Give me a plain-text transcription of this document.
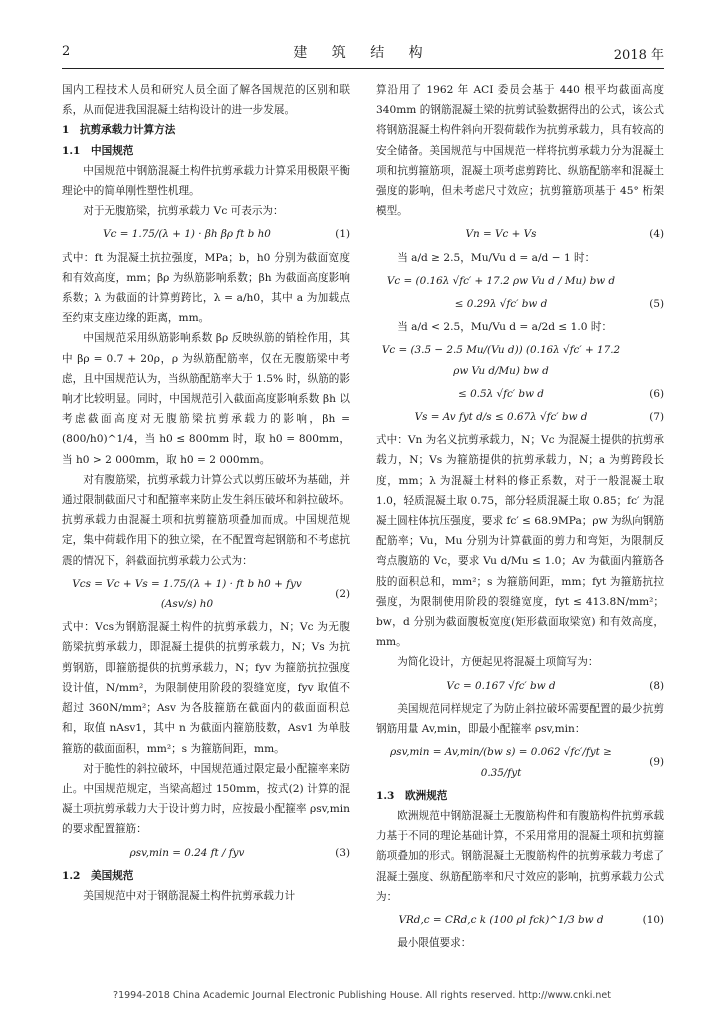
2	建 筑 结 构	2018 年

国内工程技术人员和研究人员全面了解各国规范的区别和联系，从而促进我国混凝土结构设计的进一步发展。

1　抗剪承载力计算方法

1.1　中国规范

中国规范中钢筋混凝土构件抗剪承载力计算采用极限平衡理论中的简单刚性塑性机理。

对于无腹筋梁，抗剪承载力 Vc 可表示为：

Vc = 1.75/(λ + 1) · βh βρ ft b h0	(1)

式中：ft 为混凝土抗拉强度，MPa；b，h0 分别为截面宽度和有效高度，mm；βρ 为纵筋影响系数；βh 为截面高度影响系数；λ 为截面的计算剪跨比，λ = a/h0，其中 a 为加载点至约束支座边缘的距离，mm。

中国规范采用纵筋影响系数 βρ 反映纵筋的销栓作用，其中 βρ = 0.7 + 20ρ，ρ 为纵筋配筋率，仅在无腹筋梁中考虑，且中国规范认为，当纵筋配筋率大于 1.5% 时，纵筋的影响才比较明显。同时，中国规范引入截面高度影响系数 βh 以考虑截面高度对无腹筋梁抗剪承载力的影响，βh = (800/h0)^1/4，当 h0 ≤ 800mm 时，取 h0 = 800mm，当 h0 > 2 000mm，取 h0 = 2 000mm。

对有腹筋梁，抗剪承载力计算公式以剪压破坏为基础，并通过限制截面尺寸和配箍率来防止发生斜压破坏和斜拉破坏。抗剪承载力由混凝土项和抗剪箍筋项叠加而成。中国规范规定，集中荷载作用下的独立梁，在不配置弯起钢筋和不考虑抗震的情况下，斜截面抗剪承载力公式为：

Vcs = Vc + Vs = 1.75/(λ + 1) · ft b h0 + fyv (Asv/s) h0
(2)

式中：Vcs为钢筋混凝土构件的抗剪承载力，N；Vc 为无腹筋梁抗剪承载力，即混凝土提供的抗剪承载力，N；Vs 为抗剪钢筋，即箍筋提供的抗剪承载力，N；fyv 为箍筋抗拉强度设计值，N/mm²，为限制使用阶段的裂缝宽度，fyv 取值不超过 360N/mm²；Asv 为各肢箍筋在截面内的截面面积总和，取值 nAsv1，其中 n 为截面内箍筋肢数，Asv1 为单肢箍筋的截面面积，mm²；s 为箍筋间距，mm。

对于脆性的斜拉破坏，中国规范通过限定最小配箍率来防止。中国规范规定，当梁高超过 150mm，按式(2) 计算的混凝土项抗剪承载力大于设计剪力时，应按最小配箍率 ρsv,min 的要求配置箍筋：

ρsv,min = 0.24 ft / fyv	(3)

1.2　美国规范

美国规范中对于钢筋混凝土构件抗剪承载力计

算沿用了 1962 年 ACI 委员会基于 440 根平均截面高度 340mm 的钢筋混凝土梁的抗剪试验数据得出的公式，该公式将钢筋混凝土构件斜向开裂荷载作为抗剪承载力，具有较高的安全储备。美国规范与中国规范一样将抗剪承载力分为混凝土项和抗剪箍筋项，混凝土项考虑剪跨比、纵筋配筋率和混凝土强度的影响，但未考虑尺寸效应；抗剪箍筋项基于 45° 桁架模型。

Vn = Vc + Vs	(4)

当 a/d ≥ 2.5，Mu/Vu d = a/d − 1 时：

Vc = (0.16λ √fc′ + 17.2 ρw Vu d / Mu) bw d
≤ 0.29λ √fc′ bw d	(5)

当 a/d < 2.5，Mu/Vu d = a/2d ≤ 1.0 时：

Vc = (3.5 − 2.5 Mu/(Vu d)) (0.16λ √fc′ + 17.2 ρw Vu d/Mu) bw d
≤ 0.5λ √fc′ bw d	(6)
Vs = Av fyt d/s ≤ 0.67λ √fc′ bw d	(7)

式中：Vn 为名义抗剪承载力，N；Vc 为混凝土提供的抗剪承载力，N；Vs 为箍筋提供的抗剪承载力，N；a 为剪跨段长度，mm；λ 为混凝土材料的修正系数，对于一般混凝土取 1.0，轻质混凝土取 0.75，部分轻质混凝土取 0.85；fc′ 为混凝土圆柱体抗压强度，要求 fc′ ≤ 68.9MPa；ρw 为纵向钢筋配筋率；Vu，Mu 分别为计算截面的剪力和弯矩，为限制反弯点腹筋的 Vc，要求 Vu d/Mu ≤ 1.0；Av 为截面内箍筋各肢的面积总和，mm²；s 为箍筋间距，mm；fyt 为箍筋抗拉强度，为限制使用阶段的裂缝宽度，fyt ≤ 413.8N/mm²；bw，d 分别为截面腹板宽度(矩形截面取梁宽) 和有效高度，mm。

为简化设计，方便起见将混凝土项简写为：

Vc = 0.167 √fc′ bw d	(8)

美国规范同样规定了为防止斜拉破坏需要配置的最少抗剪钢筋用量 Av,min，即最小配箍率 ρsv,min：

ρsv,min = Av,min/(bw s) = 0.062 √fc′/fyt ≥ 0.35/fyt
(9)

1.3　欧洲规范

欧洲规范中钢筋混凝土无腹筋构件和有腹筋构件抗剪承载力基于不同的理论基础计算，不采用常用的混凝土项和抗剪箍筋项叠加的形式。钢筋混凝土无腹筋构件的抗剪承载力考虑了混凝土强度、纵筋配筋率和尺寸效应的影响，抗剪承载力公式为：

VRd,c = CRd,c k (100 ρl fck)^1/3 bw d	(10)

最小限值要求：

?1994-2018 China Academic Journal Electronic Publishing House. All rights reserved. http://www.cnki.net
